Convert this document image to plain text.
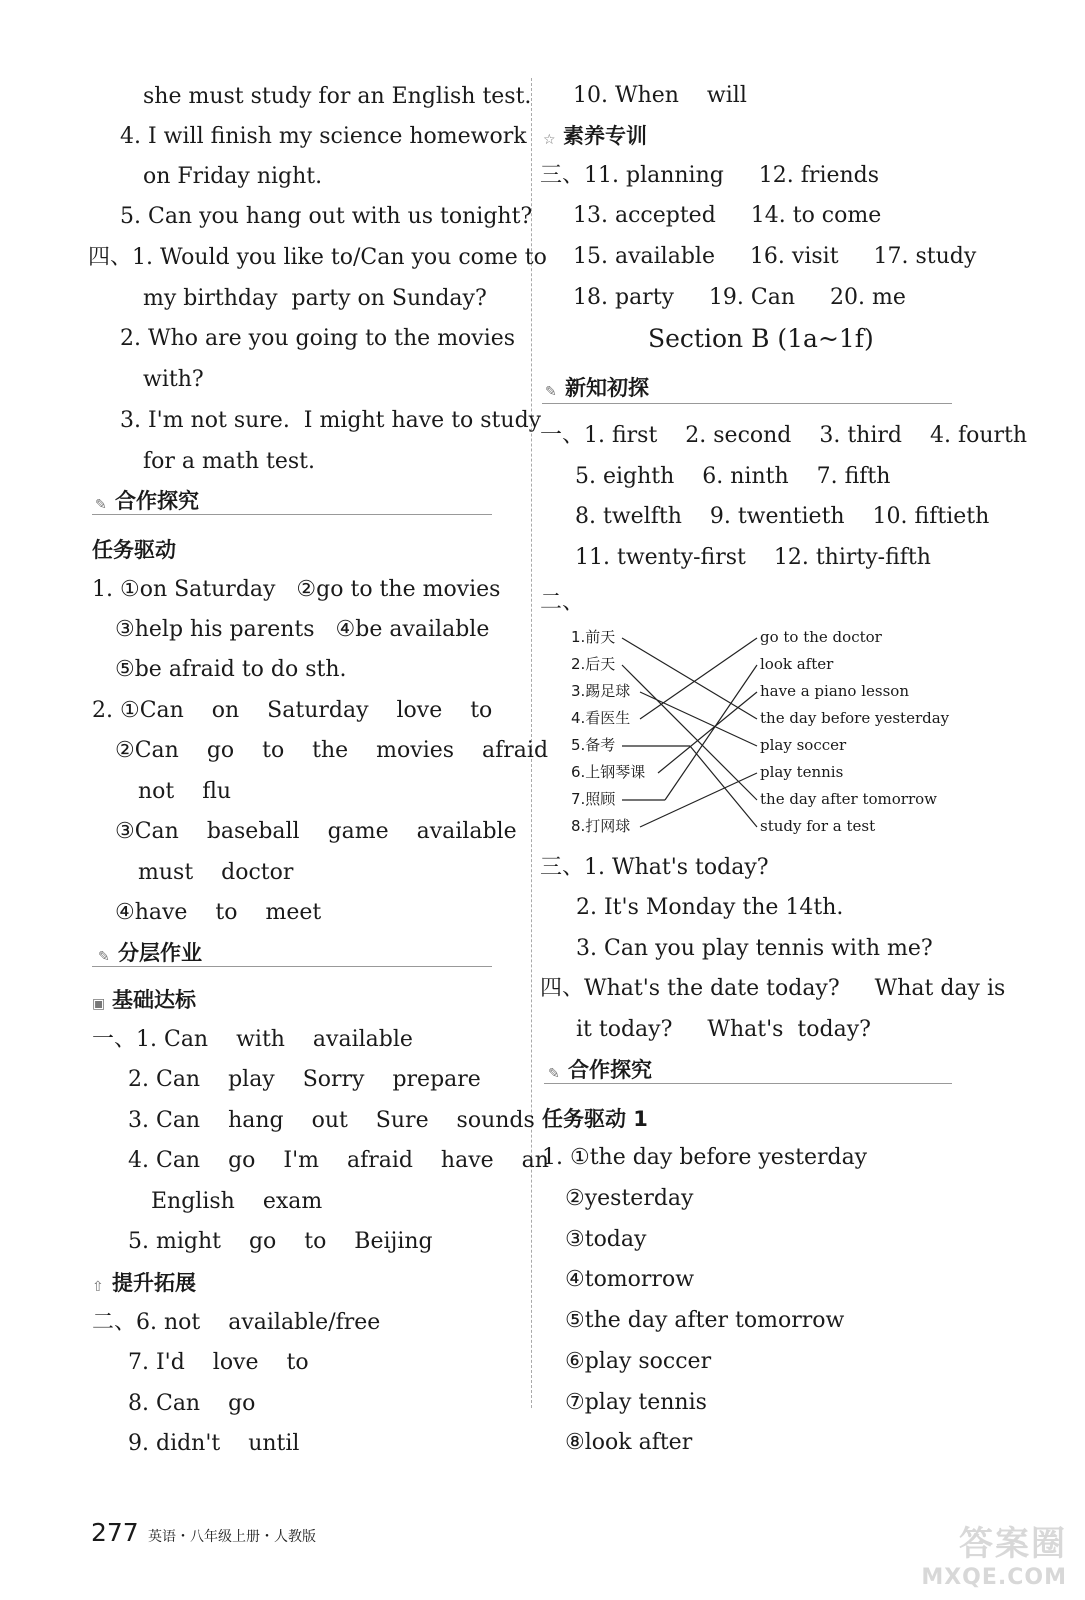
she must study for an English test.
4. I will finish my science homework
on Friday night.
5. Can you hang out with us tonight?
四、1. Would you like to/Can you come to
my birthday  party on Sunday?
2. Who are you going to the movies
with?
3. I'm not sure.  I might have to study
for a math test.
✎ 合作探究
任务驱动
1. ①on Saturday   ②go to the movies
③help his parents   ④be available
⑤be afraid to do sth.
2. ①Can    on    Saturday    love    to
②Can    go    to    the    movies    afraid
not    flu
③Can    baseball    game    available
must    doctor
④have    to    meet
✎ 分层作业
▣ 基础达标
一、1. Can    with    available
2. Can    play    Sorry    prepare
3. Can    hang    out    Sure    sounds
4. Can    go    I'm    afraid    have    an
English    exam
5. might    go    to    Beijing
⇧ 提升拓展
二、6. not    available/free
7. I'd    love    to
8. Can    go
9. didn't    until
10. When    will
☆ 素养专训
三、11. planning     12. friends
13. accepted     14. to come
15. available     16. visit     17. study
18. party     19. Can     20. me
Section B (1a~1f)
✎ 新知初探
一、1. first    2. second    3. third    4. fourth
5. eighth    6. ninth    7. fifth
8. twelfth    9. twentieth    10. fiftieth
11. twenty-first    12. thirty-fifth
二、
1.前天
2.后天
3.踢足球
4.看医生
5.备考
6.上钢琴课
7.照顾
8.打网球
go to the doctor
look after
have a piano lesson
the day before yesterday
play soccer
play tennis
the day after tomorrow
study for a test
三、1. What's today?
2. It's Monday the 14th.
3. Can you play tennis with me?
四、What's the date today?     What day is
it today?     What's  today?
✎ 合作探究
任务驱动 1
1. ①the day before yesterday
②yesterday
③today
④tomorrow
⑤the day after tomorrow
⑥play soccer
⑦play tennis
⑧look after
277 英语・八年级上册・人教版	答案圈
MXQE.COM
